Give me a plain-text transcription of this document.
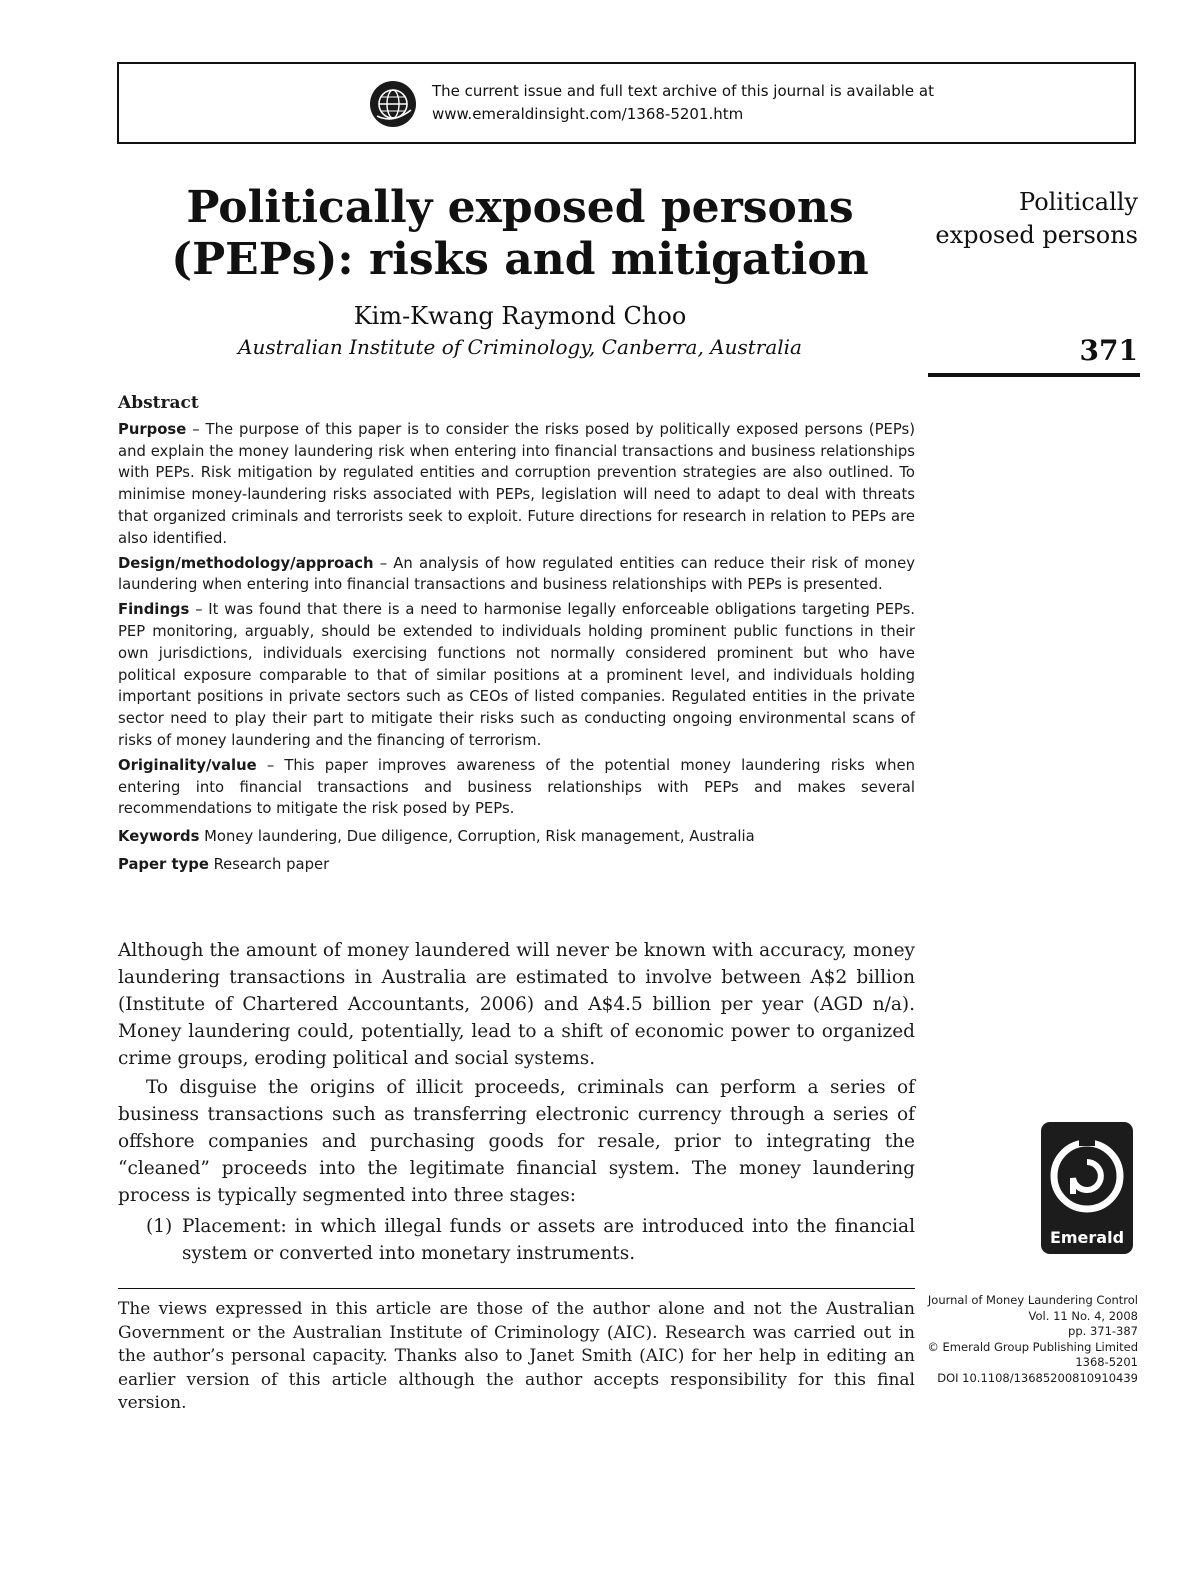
The current issue and full text archive of this journal is available at
www.emeraldinsight.com/1368-5201.htm
Politically exposed persons
(PEPs): risks and mitigation
Kim-Kwang Raymond Choo
Australian Institute of Criminology, Canberra, Australia
Politically
exposed persons
371
Abstract

Purpose – The purpose of this paper is to consider the risks posed by politically exposed persons (PEPs) and explain the money laundering risk when entering into financial transactions and business relationships with PEPs. Risk mitigation by regulated entities and corruption prevention strategies are also outlined. To minimise money-laundering risks associated with PEPs, legislation will need to adapt to deal with threats that organized criminals and terrorists seek to exploit. Future directions for research in relation to PEPs are also identified.

Design/methodology/approach – An analysis of how regulated entities can reduce their risk of money laundering when entering into financial transactions and business relationships with PEPs is presented.

Findings – It was found that there is a need to harmonise legally enforceable obligations targeting PEPs. PEP monitoring, arguably, should be extended to individuals holding prominent public functions in their own jurisdictions, individuals exercising functions not normally considered prominent but who have political exposure comparable to that of similar positions at a prominent level, and individuals holding important positions in private sectors such as CEOs of listed companies. Regulated entities in the private sector need to play their part to mitigate their risks such as conducting ongoing environmental scans of risks of money laundering and the financing of terrorism.

Originality/value – This paper improves awareness of the potential money laundering risks when entering into financial transactions and business relationships with PEPs and makes several recommendations to mitigate the risk posed by PEPs.

Keywords Money laundering, Due diligence, Corruption, Risk management, Australia
Paper type Research paper

Although the amount of money laundered will never be known with accuracy, money laundering transactions in Australia are estimated to involve between A$2 billion (Institute of Chartered Accountants, 2006) and A$4.5 billion per year (AGD n/a). Money laundering could, potentially, lead to a shift of economic power to organized crime groups, eroding political and social systems.

To disguise the origins of illicit proceeds, criminals can perform a series of business transactions such as transferring electronic currency through a series of offshore companies and purchasing goods for resale, prior to integrating the “cleaned” proceeds into the legitimate financial system. The money laundering process is typically segmented into three stages:

(1) Placement: in which illegal funds or assets are introduced into the financial system or converted into monetary instruments.
The views expressed in this article are those of the author alone and not the Australian Government or the Australian Institute of Criminology (AIC). Research was carried out in the author’s personal capacity. Thanks also to Janet Smith (AIC) for her help in editing an earlier version of this article although the author accepts responsibility for this final version.
Emerald
Journal of Money Laundering Control
Vol. 11 No. 4, 2008
pp. 371-387
© Emerald Group Publishing Limited
1368-5201
DOI 10.1108/13685200810910439
